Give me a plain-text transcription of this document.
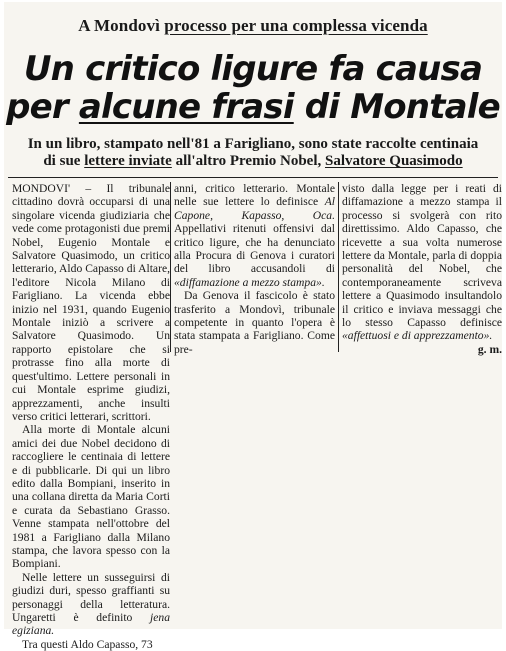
A Mondovì processo per una complessa vicenda
Un critico ligure fa causa
per alcune frasi di Montale
In un libro, stampato nell'81 a Farigliano, sono state raccolte centinaia
di sue lettere inviate all'altro Premio Nobel, Salvatore Quasimodo

MONDOVI' – Il tribunale cittadino dovrà occuparsi di una singolare vicenda giudiziaria che vede come protagonisti due premi Nobel, Eugenio Montale e Salvatore Quasimodo, un critico letterario, Aldo Capasso di Altare, l'editore Nicola Milano di Farigliano. La vicenda ebbe inizio nel 1931, quando Eugenio Montale iniziò a scrivere a Salvatore Quasimodo. Un rapporto epistolare che si protrasse fino alla morte di quest'ultimo. Lettere personali in cui Montale esprime giudizi, apprezzamenti, anche insulti verso critici letterari, scrittori.

Alla morte di Montale alcuni amici dei due Nobel decidono di raccogliere le centinaia di lettere e di pubblicarle. Di qui un libro edito dalla Bompiani, inserito in una collana diretta da Maria Corti e curata da Sebastiano Grasso. Venne stampata nell'ottobre del 1981 a Farigliano dalla Milano stampa, che lavora spesso con la Bompiani.

Nelle lettere un susseguirsi di giudizi duri, spesso graffianti su personaggi della letteratura. Ungaretti è definito jena egiziana.

Tra questi Aldo Capasso, 73

anni, critico letterario. Montale nelle sue lettere lo definisce Al Capone, Kapasso, Oca. Appellativi ritenuti offensivi dal critico ligure, che ha denunciato alla Procura di Genova i curatori del libro accusandoli di «diffamazione a mezzo stampa».

Da Genova il fascicolo è stato trasferito a Mondovì, tribunale competente in quanto l'opera è stata stampata a Farigliano. Come pre-

visto dalla legge per i reati di diffamazione a mezzo stampa il processo si svolgerà con rito direttissimo. Aldo Capasso, che ricevette a sua volta numerose lettere da Montale, parla di doppia personalità del Nobel, che contemporaneamente scriveva lettere a Quasimodo insultandolo il critico e inviava messaggi che lo stesso Capasso definisce «affettuosi e di apprezzamento».
g. m.
